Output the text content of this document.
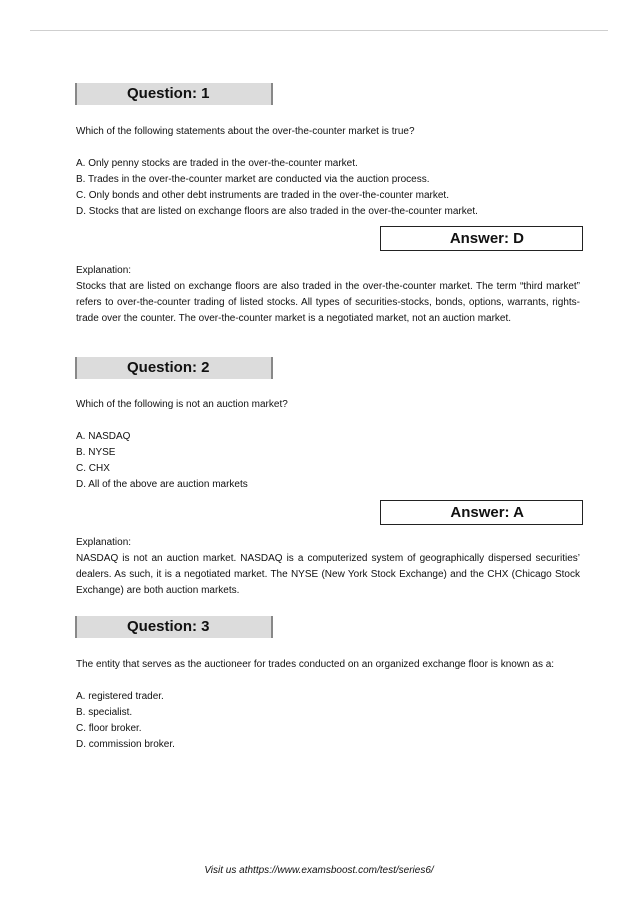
Question: 1

Which of the following statements about the over-the-counter market is true?

A. Only penny stocks are traded in the over-the-counter market.

B. Trades in the over-the-counter market are conducted via the auction process.

C. Only bonds and other debt instruments are traded in the over-the-counter market.

D. Stocks that are listed on exchange floors are also traded in the over-the-counter market.

Answer: D

Explanation:

Stocks that are listed on exchange floors are also traded in the over-the-counter market. The term “third market” refers to over-the-counter trading of listed stocks. All types of securities-stocks, bonds, options, warrants, rights-trade over the counter. The over-the-counter market is a negotiated market, not an auction market.

Question: 2

Which of the following is not an auction market?

A. NASDAQ

B. NYSE

C. CHX

D. All of the above are auction markets

Answer: A

Explanation:

NASDAQ is not an auction market. NASDAQ is a computerized system of geographically dispersed securities’ dealers. As such, it is a negotiated market. The NYSE (New York Stock Exchange) and the CHX (Chicago Stock Exchange) are both auction markets.

Question: 3

The entity that serves as the auctioneer for trades conducted on an organized exchange floor is known as a:

A. registered trader.

B. specialist.

C. floor broker.

D. commission broker.

Visit us athttps://www.examsboost.com/test/series6/
